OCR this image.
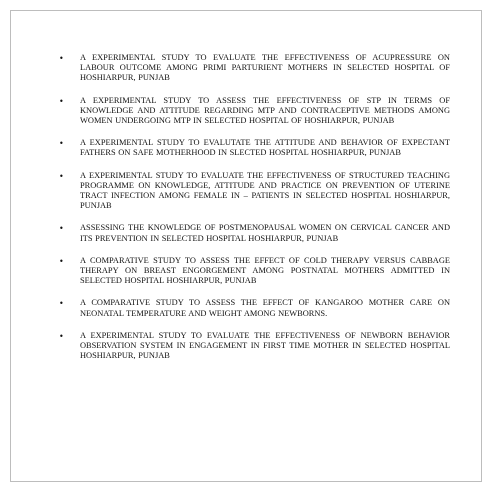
• A EXPERIMENTAL STUDY TO EVALUATE THE EFFECTIVENESS OF ACUPRESSURE ON LABOUR OUTCOME AMONG PRIMI PARTURIENT MOTHERS IN SELECTED HOSPITAL OF HOSHIARPUR, PUNJAB

• A EXPERIMENTAL STUDY TO ASSESS THE EFFECTIVENESS OF STP IN TERMS OF KNOWLEDGE AND ATTITUDE REGARDING MTP AND CONTRACEPTIVE METHODS AMONG WOMEN UNDERGOING MTP IN SELECTED HOSPITAL OF HOSHIARPUR, PUNJAB

• A EXPERIMENTAL STUDY TO EVALUTATE THE ATTITUDE AND BEHAVIOR OF EXPECTANT FATHERS ON SAFE MOTHERHOOD IN SLECTED HOSPITAL HOSHIARPUR, PUNJAB

• A EXPERIMENTAL STUDY TO EVALUATE THE EFFECTIVENESS OF STRUCTURED TEACHING PROGRAMME ON KNOWLEDGE, ATTITUDE AND PRACTICE ON PREVENTION OF UTERINE TRACT INFECTION AMONG FEMALE IN – PATIENTS IN SELECTED HOSPITAL HOSHIARPUR, PUNJAB

• ASSESSING THE KNOWLEDGE OF POSTMENOPAUSAL WOMEN ON CERVICAL CANCER AND ITS PREVENTION IN SELECTED HOSPITAL HOSHIARPUR, PUNJAB

• A COMPARATIVE STUDY TO ASSESS THE EFFECT OF COLD THERAPY VERSUS CABBAGE THERAPY ON BREAST ENGORGEMENT AMONG POSTNATAL MOTHERS ADMITTED IN SELECTED HOSPITAL HOSHIARPUR, PUNJAB

• A COMPARATIVE STUDY TO ASSESS THE EFFECT OF KANGAROO MOTHER CARE ON NEONATAL TEMPERATURE AND WEIGHT AMONG NEWBORNS.

• A EXPERIMENTAL STUDY TO EVALUATE THE EFFECTIVENESS OF NEWBORN BEHAVIOR OBSERVATION SYSTEM IN ENGAGEMENT IN FIRST TIME MOTHER IN SELECTED HOSPITAL HOSHIARPUR, PUNJAB
